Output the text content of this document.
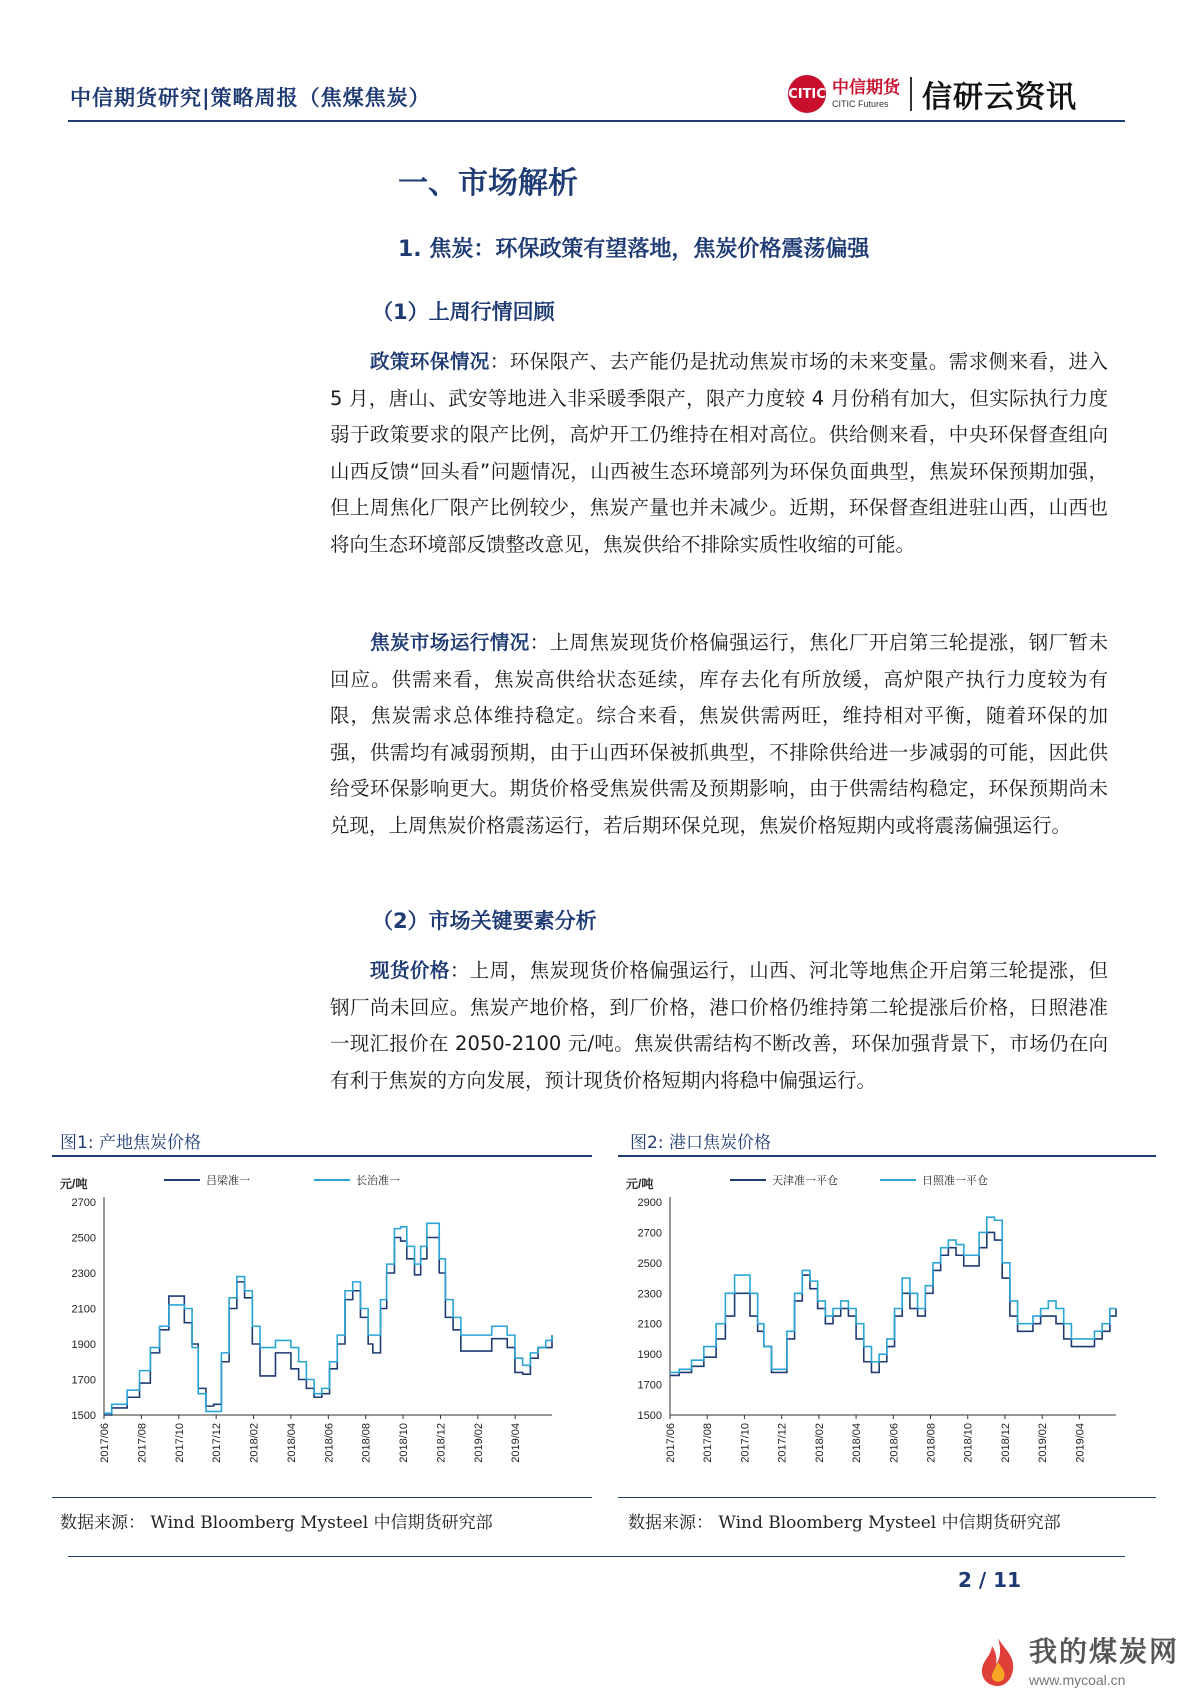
中信期货研究|策略周报（焦煤焦炭）	CITIC 中信期货
CITIC Futures	信研云资讯
一、市场解析
1. 焦炭：环保政策有望落地，焦炭价格震荡偏强
（1）上周行情回顾

政策环保情况：环保限产、去产能仍是扰动焦炭市场的未来变量。需求侧来看，进入 5 月，唐山、武安等地进入非采暖季限产，限产力度较 4 月份稍有加大，但实际执行力度弱于政策要求的限产比例，高炉开工仍维持在相对高位。供给侧来看，中央环保督查组向山西反馈“回头看”问题情况，山西被生态环境部列为环保负面典型，焦炭环保预期加强，但上周焦化厂限产比例较少，焦炭产量也并未减少。近期，环保督查组进驻山西，山西也将向生态环境部反馈整改意见，焦炭供给不排除实质性收缩的可能。

焦炭市场运行情况：上周焦炭现货价格偏强运行，焦化厂开启第三轮提涨，钢厂暂未回应。供需来看，焦炭高供给状态延续，库存去化有所放缓，高炉限产执行力度较为有限，焦炭需求总体维持稳定。综合来看，焦炭供需两旺，维持相对平衡，随着环保的加强，供需均有减弱预期，由于山西环保被抓典型，不排除供给进一步减弱的可能，因此供给受环保影响更大。期货价格受焦炭供需及预期影响，由于供需结构稳定，环保预期尚未兑现，上周焦炭价格震荡运行，若后期环保兑现，焦炭价格短期内或将震荡偏强运行。

（2）市场关键要素分析

现货价格：上周，焦炭现货价格偏强运行，山西、河北等地焦企开启第三轮提涨，但钢厂尚未回应。焦炭产地价格，到厂价格，港口价格仍维持第二轮提涨后价格，日照港准一现汇报价在 2050-2100 元/吨。焦炭供需结构不断改善，环保加强背景下，市场仍在向有利于焦炭的方向发展，预计现货价格短期内将稳中偏强运行。

图1: 产地焦炭价格	图2: 港口焦炭价格
元/吨
1500
1700
1900
2100
2300
2500
2700
2017/06 2017/08 2017/10 2017/12 2018/02 2018/04 2018/06 2018/08 2018/10 2018/12 2019/02 2019/04
吕梁准一	长治准一	元/吨
1500
1700
1900
2100
2300
2500
2700
2900
2017/06 2017/08 2017/10 2017/12 2018/02 2018/04 2018/06 2018/08 2018/10 2018/12 2019/02 2019/04
天津准一平仓	日照准一平仓
数据来源： Wind Bloomberg Mysteel 中信期货研究部	数据来源： Wind Bloomberg Mysteel 中信期货研究部
2 / 11
我的煤炭网
www.mycoal.cn
